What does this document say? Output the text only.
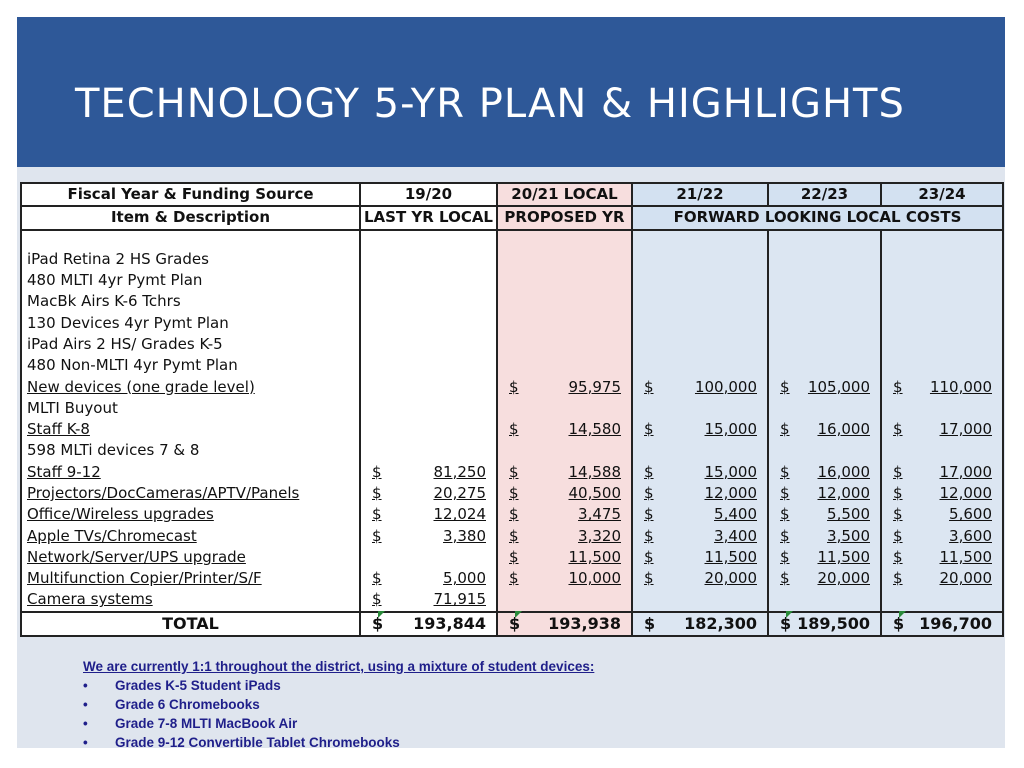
TECHNOLOGY 5-YR PLAN & HIGHLIGHTS
Fiscal Year & Funding Source	19/20	20/21 LOCAL	21/22	22/23	23/24
Item & Description	LAST YR LOCAL	PROPOSED YR	FORWARD LOOKING LOCAL COSTS		

iPad Retina 2 HS Grades					
480 MLTI 4yr Pymt Plan					
MacBk Airs K-6 Tchrs					
130 Devices 4yr Pymt Plan					
iPad Airs 2 HS/ Grades K-5					
480 Non-MLTI 4yr Pymt Plan					
New devices (one grade level)		$ 95,975	$ 100,000	$ 105,000	$ 110,000

MLTI Buyout					
Staff K-8		$ 14,580	$ 15,000	$ 16,000	$ 17,000

598 MLTi devices 7 & 8					
Staff 9-12	$ 81,250	$ 14,588	$ 15,000	$ 16,000	$ 17,000

Projectors/DocCameras/APTV/Panels	$ 20,275	$ 40,500	$ 12,000	$ 12,000	$ 12,000

Office/Wireless upgrades	$ 12,024	$ 3,475	$ 5,400	$ 5,500	$ 5,600

Apple TVs/Chromecast	$ 3,380	$ 3,320	$ 3,400	$ 3,500	$ 3,600

Network/Server/UPS upgrade		$ 11,500	$ 11,500	$ 11,500	$ 11,500

Multifunction Copier/Printer/S/F	$ 5,000	$ 10,000	$ 20,000	$ 20,000	$ 20,000

Camera systems	$ 71,915				

TOTAL	$ 193,844	$ 193,938	$ 182,300	$ 189,500	$ 196,700

We are currently 1:1 throughout the district, using a mixture of student devices:

• Grades K-5 Student iPads
• Grade 6 Chromebooks
• Grade 7-8 MLTI MacBook Air
• Grade 9-12 Convertible Tablet Chromebooks
